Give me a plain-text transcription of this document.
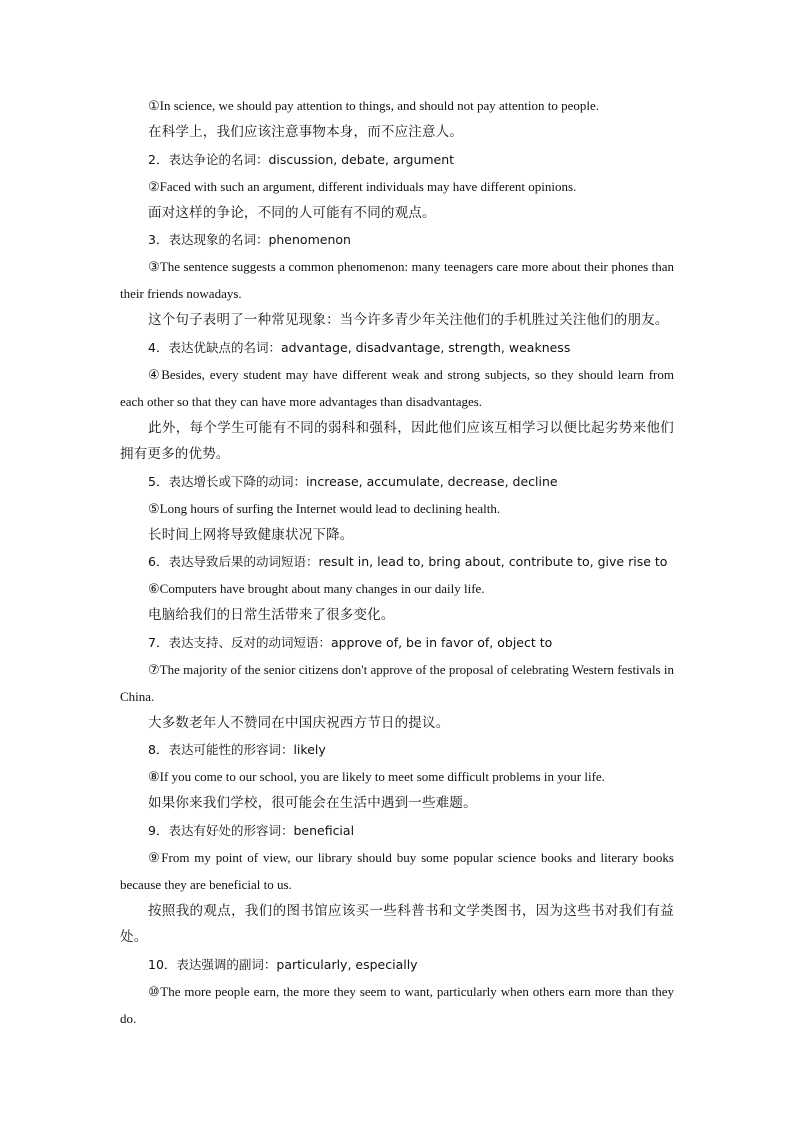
①In science, we should pay attention to things, and should not pay attention to people.

在科学上，我们应该注意事物本身，而不应注意人。

2．表达争论的名词：discussion, debate, argument

②Faced with such an argument, different individuals may have different opinions.

面对这样的争论，不同的人可能有不同的观点。

3．表达现象的名词：phenomenon

③The sentence suggests a common phenomenon: many teenagers care more about their phones than their friends nowadays.

这个句子表明了一种常见现象：当今许多青少年关注他们的手机胜过关注他们的朋友。

4．表达优缺点的名词：advantage, disadvantage, strength, weakness

④Besides, every student may have different weak and strong subjects, so they should learn from each other so that they can have more advantages than disadvantages.

此外，每个学生可能有不同的弱科和强科，因此他们应该互相学习以便比起劣势来他们拥有更多的优势。

5．表达增长或下降的动词：increase, accumulate, decrease, decline

⑤Long hours of surfing the Internet would lead to declining health.

长时间上网将导致健康状况下降。

6．表达导致后果的动词短语：result in, lead to, bring about, contribute to, give rise to

⑥Computers have brought about many changes in our daily life.

电脑给我们的日常生活带来了很多变化。

7．表达支持、反对的动词短语：approve of, be in favor of, object to

⑦The majority of the senior citizens don't approve of the proposal of celebrating Western festivals in China.

大多数老年人不赞同在中国庆祝西方节日的提议。

8．表达可能性的形容词：likely

⑧If you come to our school, you are likely to meet some difficult problems in your life.

如果你来我们学校，很可能会在生活中遇到一些难题。

9．表达有好处的形容词：beneficial

⑨From my point of view, our library should buy some popular science books and literary books because they are beneficial to us.

按照我的观点，我们的图书馆应该买一些科普书和文学类图书，因为这些书对我们有益处。

10．表达强调的副词：particularly, especially

⑩The more people earn, the more they seem to want, particularly when others earn more than they do.
